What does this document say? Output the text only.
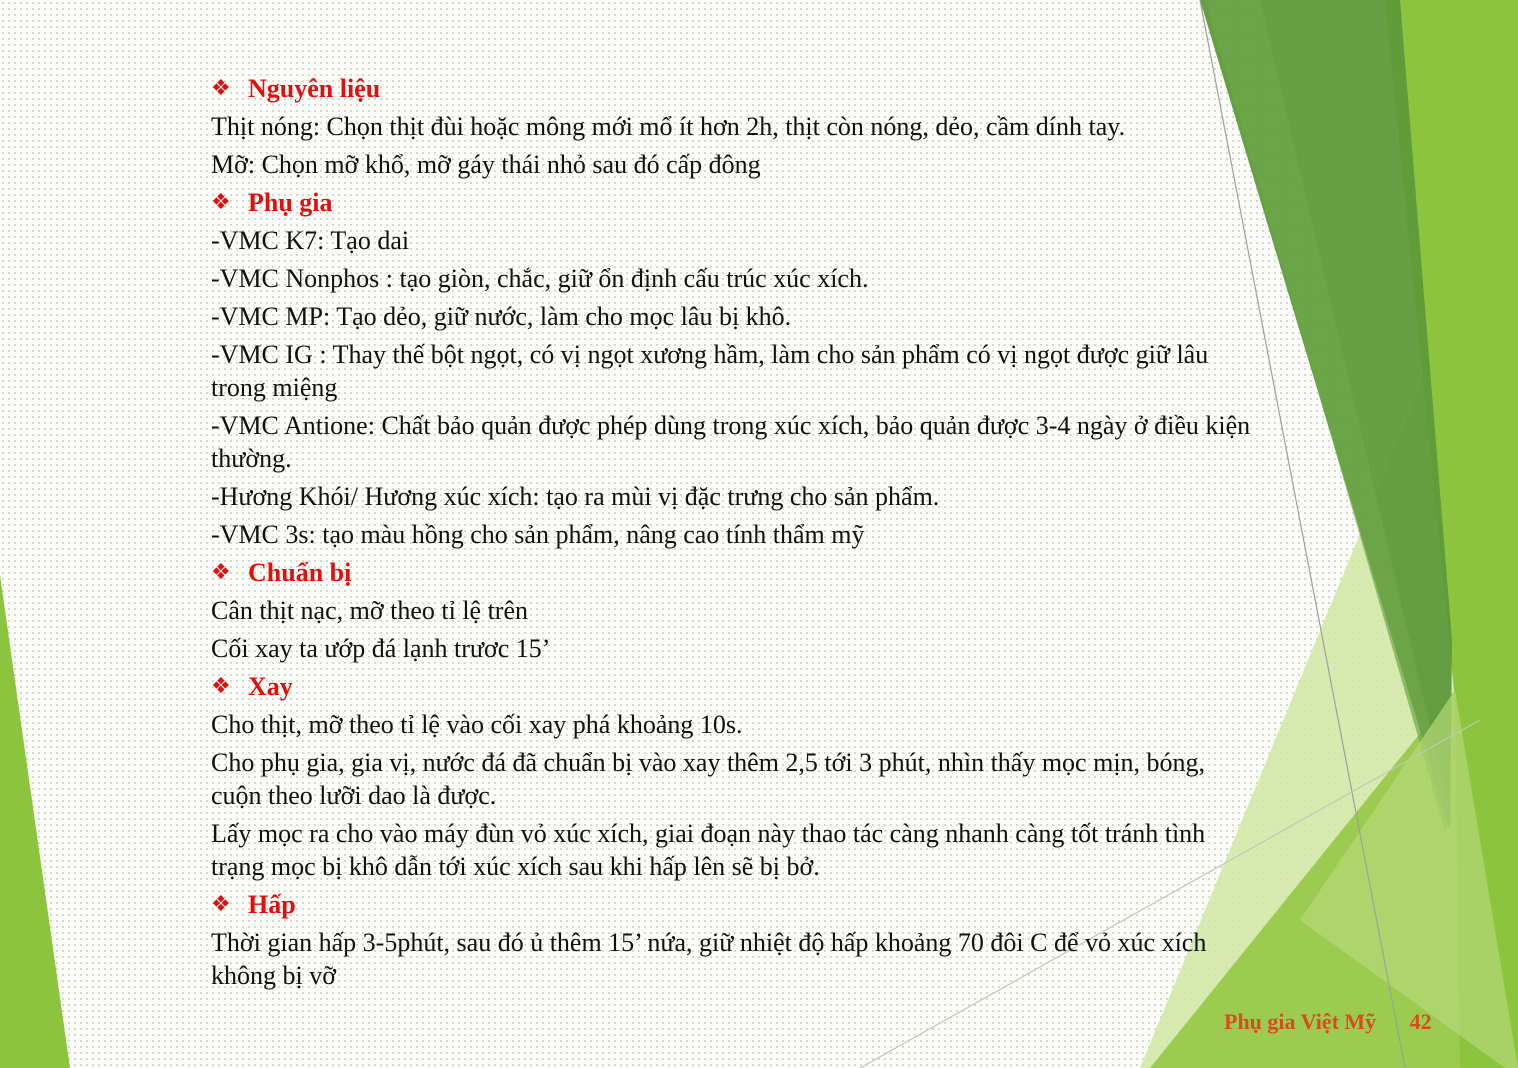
❖ Nguyên liệu
Thịt nóng: Chọn thịt đùi hoặc mông mới mổ ít hơn 2h, thịt còn nóng, dẻo, cầm dính tay.
Mỡ: Chọn mỡ khổ, mỡ gáy thái nhỏ sau đó cấp đông
❖ Phụ gia
-VMC K7: Tạo dai
-VMC Nonphos : tạo giòn, chắc, giữ ổn định cấu trúc xúc xích.
-VMC MP: Tạo dẻo, giữ nước, làm cho mọc lâu bị khô.
-VMC IG : Thay thế bột ngọt, có vị ngọt xương hầm, làm cho sản phẩm có vị ngọt được giữ lâu trong miệng
-VMC Antione: Chất bảo quản được phép dùng trong xúc xích, bảo quản được 3-4 ngày ở điều kiện thường.
-Hương Khói/ Hương xúc xích: tạo ra mùi vị đặc trưng cho sản phẩm.
-VMC 3s: tạo màu hồng cho sản phẩm, nâng cao tính thẩm mỹ
❖ Chuẩn bị
Cân thịt nạc, mỡ theo tỉ lệ trên
Cối xay ta ướp đá lạnh trươc 15’
❖ Xay
Cho thịt, mỡ theo tỉ lệ vào cối xay phá khoảng 10s.
Cho phụ gia, gia vị, nước đá đã chuẩn bị vào xay thêm 2,5 tới 3 phút, nhìn thấy mọc mịn, bóng, cuộn theo lưỡi dao là được.
Lấy mọc ra cho vào máy đùn vỏ xúc xích, giai đoạn này thao tác càng nhanh càng tốt tránh tình trạng mọc bị khô dẫn tới xúc xích sau khi hấp lên sẽ bị bở.
❖ Hấp
Thời gian hấp 3-5phút, sau đó ủ thêm 15’ nứa, giữ nhiệt độ hấp khoảng 70 đôi C để vỏ xúc xích không bị vỡ
Phụ gia Việt Mỹ 42
